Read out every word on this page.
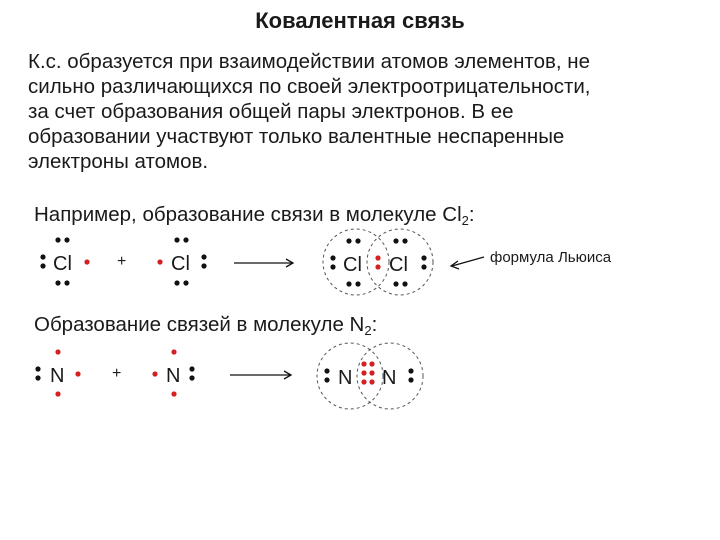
Ковалентная связь
К.с. образуется при взаимодействии атомов элементов, не
сильно различающихся по своей электроотрицательности,
за счет образования общей пары электронов. В ее
образовании участвуют только валентные неспаренные
электроны атомов.
Например, образование связи в молекуле $Cl_2$:
Образование связей в молекуле $N_2$:
Cl	+ Cl	Cl Cl	формула Льюиса
N	+ N	N N
